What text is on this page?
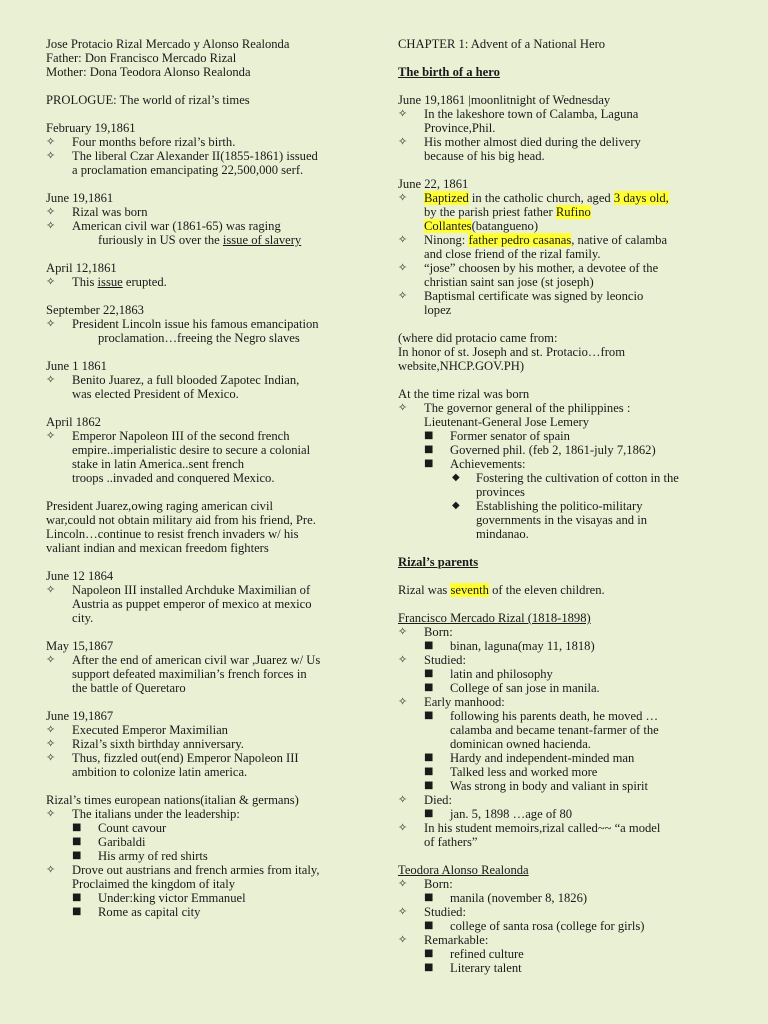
Jose Protacio Rizal Mercado y Alonso Realonda
Father: Don Francisco Mercado Rizal
Mother: Dona Teodora Alonso Realonda
PROLOGUE: The world of rizal’s times
February 19,1861
✧ Four months before rizal’s birth.
✧ The liberal Czar Alexander II(1855-1861) issued
a proclamation emancipating 22,500,000 serf.
June 19,1861
✧ Rizal was born
✧ American civil war (1861-65) was raging
furiously in US over the issue of slavery
April 12,1861
✧ This issue erupted.
September 22,1863
✧ President Lincoln issue his famous emancipation
proclamation…freeing the Negro slaves
June 1 1861
✧ Benito Juarez, a full blooded Zapotec Indian,
was elected President of Mexico.
April 1862
✧ Emperor Napoleon III of the second french
empire..imperialistic desire to secure a colonial
stake in latin America..sent french
troops ..invaded and conquered Mexico.
President Juarez,owing raging american civil
war,could not obtain military aid from his friend, Pre.
Lincoln…continue to resist french invaders w/ his
valiant indian and mexican freedom fighters
June 12 1864
✧ Napoleon III installed Archduke Maximilian of
Austria as puppet emperor of mexico at mexico
city.
May 15,1867
✧ After the end of american civil war ,Juarez w/ Us
support defeated maximilian’s french forces in
the battle of Queretaro
June 19,1867
✧ Executed Emperor Maximilian
✧ Rizal’s sixth birthday anniversary.
✧ Thus, fizzled out(end) Emperor Napoleon III
ambition to colonize latin america.
Rizal’s times european nations(italian & germans)
✧ The italians under the leadership:
■ Count cavour
■ Garibaldi
■ His army of red shirts
✧ Drove out austrians and french armies from italy,
Proclaimed the kingdom of italy
■ Under:king victor Emmanuel
■ Rome as capital city
CHAPTER 1: Advent of a National Hero
The birth of a hero
June 19,1861 |moonlitnight of Wednesday
✧ In the lakeshore town of Calamba, Laguna
Province,Phil.
✧ His mother almost died during the delivery
because of his big head.
June 22, 1861
✧ Baptized in the catholic church, aged 3 days old,
by the parish priest father Rufino
Collantes(batangueno)
✧ Ninong: father pedro casanas, native of calamba
and close friend of the rizal family.
✧ “jose” choosen by his mother, a devotee of the
christian saint san jose (st joseph)
✧ Baptismal certificate was signed by leoncio
lopez
(where did protacio came from:
In honor of st. Joseph and st. Protacio…from
website,NHCP.GOV.PH)
At the time rizal was born
✧ The governor general of the philippines :
Lieutenant-General Jose Lemery
■ Former senator of spain
■ Governed phil. (feb 2, 1861-july 7,1862)
■ Achievements:
◆ Fostering the cultivation of cotton in the
provinces
◆ Establishing the politico-military
governments in the visayas and in
mindanao.
Rizal’s parents
Rizal was seventh of the eleven children.
Francisco Mercado Rizal (1818-1898)
✧ Born:
■ binan, laguna(may 11, 1818)
✧ Studied:
■ latin and philosophy
■ College of san jose in manila.
✧ Early manhood:
■ following his parents death, he moved …
calamba and became tenant-farmer of the
dominican owned hacienda.
■ Hardy and independent-minded man
■ Talked less and worked more
■ Was strong in body and valiant in spirit
✧ Died:
■ jan. 5, 1898 …age of 80
✧ In his student memoirs,rizal called~~ “a model
of fathers”
Teodora Alonso Realonda
✧ Born:
■ manila (november 8, 1826)
✧ Studied:
■ college of santa rosa (college for girls)
✧ Remarkable:
■ refined culture
■ Literary talent
